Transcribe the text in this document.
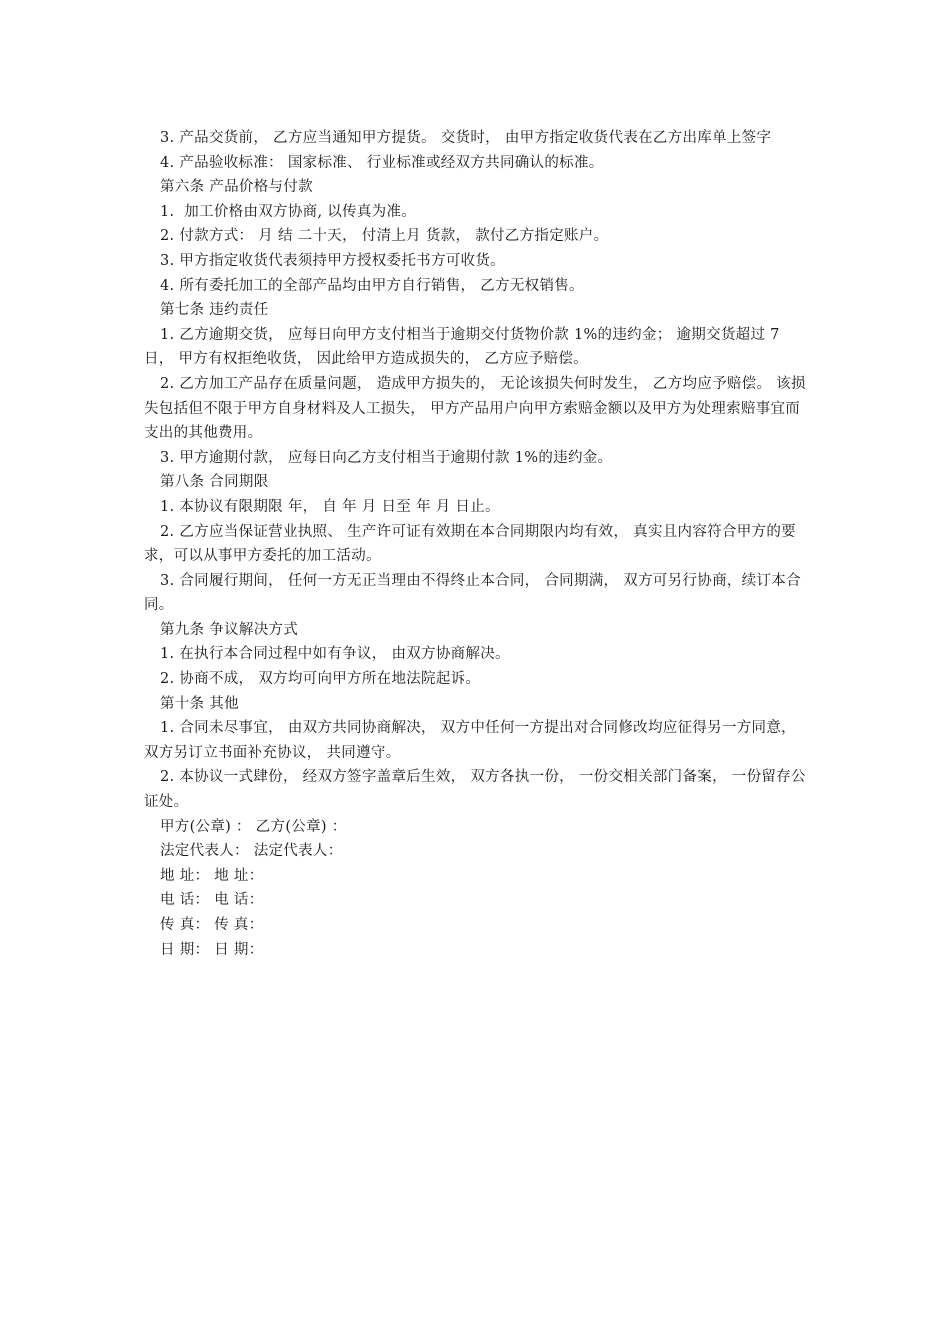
3. 产品交货前， 乙方应当通知甲方提货。 交货时， 由甲方指定收货代表在乙方出库单上签字
4. 产品验收标准： 国家标准、 行业标准或经双方共同确认的标准。
第六条 产品价格与付款
1.  加工价格由双方协商, 以传真为准。
2. 付款方式： 月 结 二十天， 付清上月 货款， 款付乙方指定账户。
3. 甲方指定收货代表须持甲方授权委托书方可收货。
4. 所有委托加工的全部产品均由甲方自行销售， 乙方无权销售。
第七条 违约责任
1. 乙方逾期交货， 应每日向甲方支付相当于逾期交付货物价款 1%的违约金； 逾期交货超过 7 日， 甲方有权拒绝收货， 因此给甲方造成损失的， 乙方应予赔偿。
2. 乙方加工产品存在质量问题， 造成甲方损失的， 无论该损失何时发生， 乙方均应予赔偿。 该损失包括但不限于甲方自身材料及人工损失， 甲方产品用户向甲方索赔金额以及甲方为处理索赔事宜而支出的其他费用。
3. 甲方逾期付款， 应每日向乙方支付相当于逾期付款 1%的违约金。
第八条 合同期限
1. 本协议有限期限 年， 自 年 月 日至 年 月 日止。
2. 乙方应当保证营业执照、 生产许可证有效期在本合同期限内均有效， 真实且内容符合甲方的要求，可以从事甲方委托的加工活动。
3. 合同履行期间， 任何一方无正当理由不得终止本合同， 合同期满， 双方可另行协商，续订本合同。
第九条 争议解决方式
1. 在执行本合同过程中如有争议， 由双方协商解决。
2. 协商不成， 双方均可向甲方所在地法院起诉。
第十条 其他
1. 合同未尽事宜， 由双方共同协商解决， 双方中任何一方提出对合同修改均应征得另一方同意， 双方另订立书面补充协议， 共同遵守。
2. 本协议一式肆份， 经双方签字盖章后生效， 双方各执一份， 一份交相关部门备案， 一份留存公证处。
甲方(公章) ： 乙方(公章) ：
法定代表人： 法定代表人：
地 址： 地 址：
电 话： 电 话：
传 真： 传 真：
日 期： 日 期：
